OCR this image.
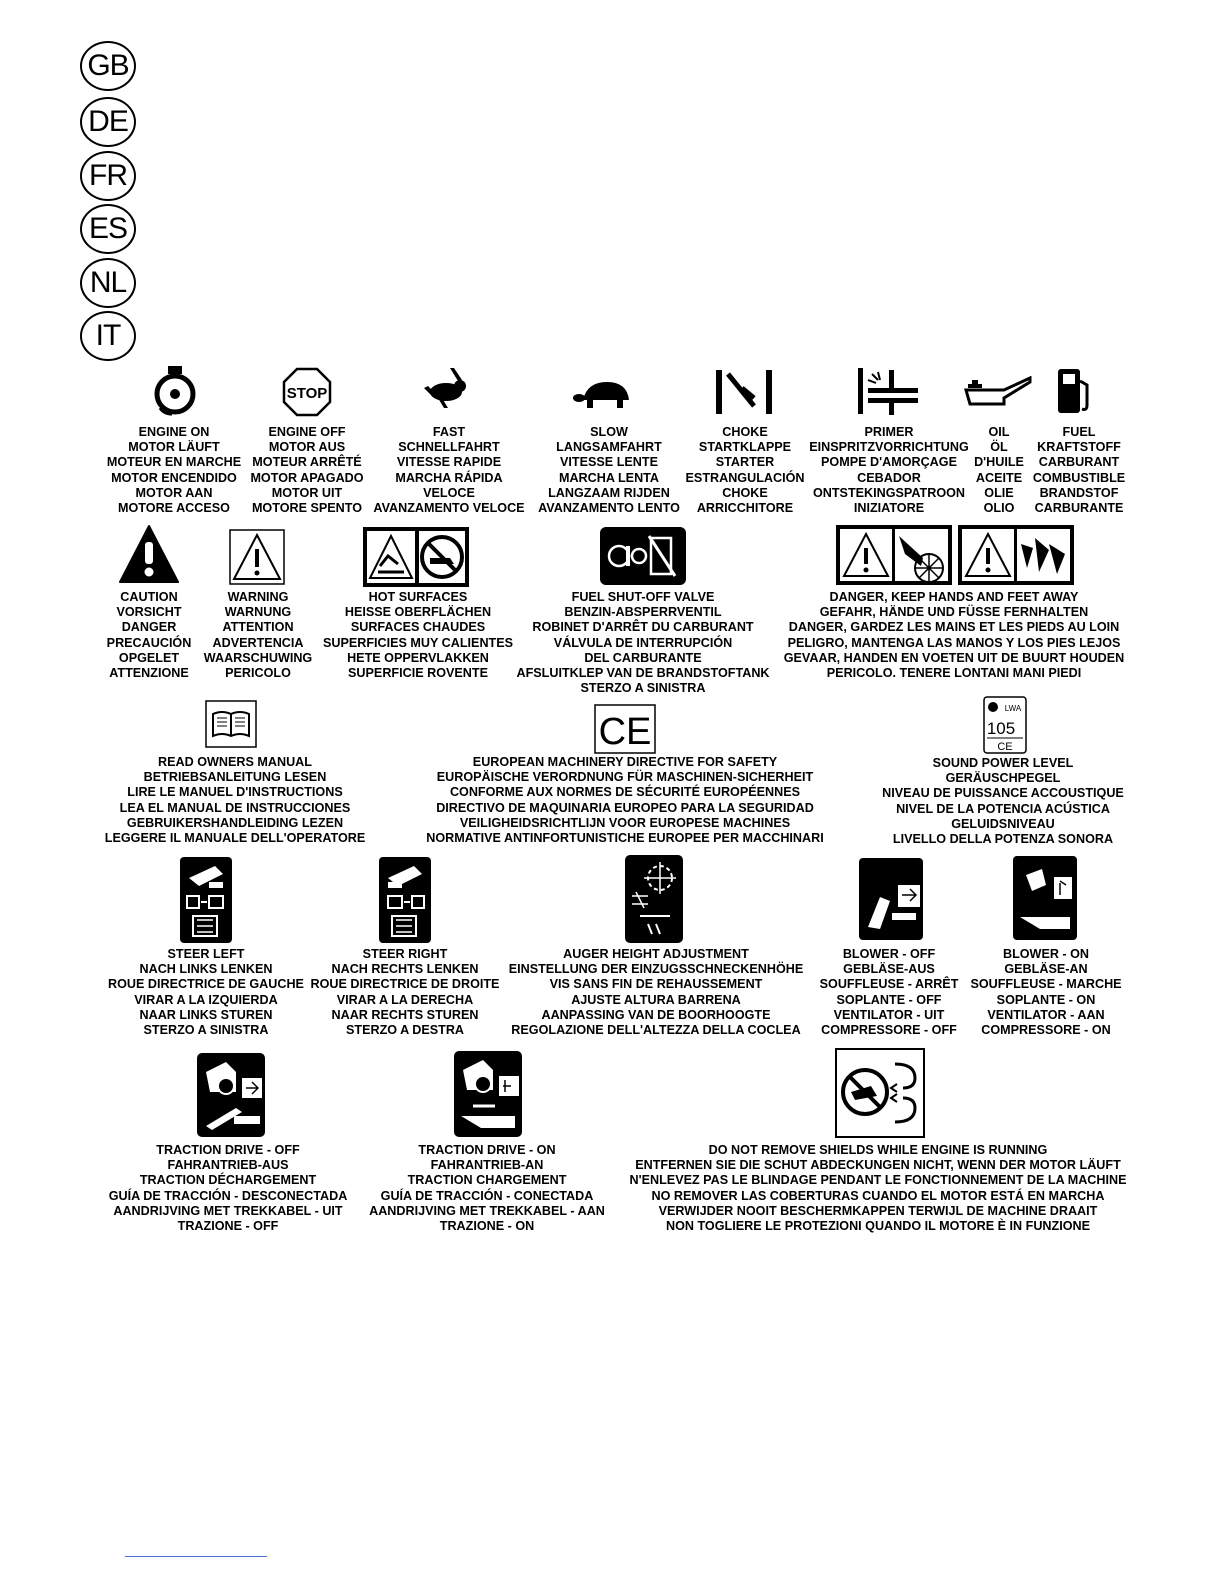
GB
DE
FR
ES
NL
IT
STOP
CE
LWA
105
CE
ENGINE ON
MOTOR LÄUFT
MOTEUR EN MARCHE
MOTOR ENCENDIDO
MOTOR AAN
MOTORE ACCESO
ENGINE OFF
MOTOR AUS
MOTEUR ARRÊTÉ
MOTOR APAGADO
MOTOR UIT
MOTORE SPENTO
FAST
SCHNELLFAHRT
VITESSE RAPIDE
MARCHA RÁPIDA
VELOCE
AVANZAMENTO VELOCE
SLOW
LANGSAMFAHRT
VITESSE LENTE
MARCHA LENTA
LANGZAAM RIJDEN
AVANZAMENTO LENTO
CHOKE
STARTKLAPPE
STARTER
ESTRANGULACIÓN
CHOKE
ARRICCHITORE
PRIMER
EINSPRITZVORRICHTUNG
POMPE D'AMORÇAGE
CEBADOR
ONTSTEKINGSPATROON
INIZIATORE
OIL
ÖL
D'HUILE
ACEITE
OLIE
OLIO
FUEL
KRAFTSTOFF
CARBURANT
COMBUSTIBLE
BRANDSTOF
CARBURANTE
CAUTION
VORSICHT
DANGER
PRECAUCIÓN
OPGELET
ATTENZIONE
WARNING
WARNUNG
ATTENTION
ADVERTENCIA
WAARSCHUWING
PERICOLO
HOT SURFACES
HEISSE OBERFLÄCHEN
SURFACES CHAUDES
SUPERFICIES MUY CALIENTES
HETE OPPERVLAKKEN
SUPERFICIE ROVENTE
FUEL SHUT-OFF VALVE
BENZIN-ABSPERRVENTIL
ROBINET D'ARRÊT DU CARBURANT
VÁLVULA DE INTERRUPCIÓN
DEL CARBURANTE
AFSLUITKLEP VAN DE BRANDSTOFTANK
STERZO A SINISTRA
DANGER, KEEP HANDS AND FEET AWAY
GEFAHR, HÄNDE UND FÜSSE FERNHALTEN
DANGER, GARDEZ LES MAINS ET LES PIEDS AU LOIN
PELIGRO, MANTENGA LAS MANOS Y LOS PIES LEJOS
GEVAAR, HANDEN EN VOETEN UIT DE BUURT HOUDEN
PERICOLO. TENERE LONTANI MANI PIEDI
READ OWNERS MANUAL
BETRIEBSANLEITUNG LESEN
LIRE LE MANUEL D'INSTRUCTIONS
LEA EL MANUAL DE INSTRUCCIONES
GEBRUIKERSHANDLEIDING LEZEN
LEGGERE IL MANUALE DELL'OPERATORE
EUROPEAN MACHINERY DIRECTIVE FOR SAFETY
EUROPÄISCHE VERORDNUNG FÜR MASCHINEN-SICHERHEIT
CONFORME AUX NORMES DE SÉCURITÉ EUROPÉENNES
DIRECTIVO DE MAQUINARIA EUROPEO PARA LA SEGURIDAD
VEILIGHEIDSRICHTLIJN VOOR EUROPESE MACHINES
NORMATIVE ANTINFORTUNISTICHE EUROPEE PER MACCHINARI
SOUND POWER LEVEL
GERÄUSCHPEGEL
NIVEAU DE PUISSANCE ACCOUSTIQUE
NIVEL DE LA POTENCIA ACÚSTICA
GELUIDSNIVEAU
LIVELLO DELLA POTENZA SONORA
STEER LEFT
NACH LINKS LENKEN
ROUE DIRECTRICE DE GAUCHE
VIRAR A LA IZQUIERDA
NAAR LINKS STUREN
STERZO A SINISTRA
STEER RIGHT
NACH RECHTS LENKEN
ROUE DIRECTRICE DE DROITE
VIRAR A LA DERECHA
NAAR RECHTS STUREN
STERZO A DESTRA
AUGER HEIGHT ADJUSTMENT
EINSTELLUNG DER EINZUGSSCHNECKENHÖHE
VIS SANS FIN DE REHAUSSEMENT
AJUSTE ALTURA BARRENA
AANPASSING VAN DE BOORHOOGTE
REGOLAZIONE DELL'ALTEZZA DELLA COCLEA
BLOWER - OFF
GEBLÄSE-AUS
SOUFFLEUSE - ARRÊT
SOPLANTE - OFF
VENTILATOR - UIT
COMPRESSORE - OFF
BLOWER - ON
GEBLÄSE-AN
SOUFFLEUSE - MARCHE
SOPLANTE - ON
VENTILATOR - AAN
COMPRESSORE - ON
TRACTION DRIVE - OFF
FAHRANTRIEB-AUS
TRACTION DÉCHARGEMENT
GUÍA DE TRACCIÓN - DESCONECTADA
AANDRIJVING MET TREKKABEL - UIT
TRAZIONE - OFF
TRACTION DRIVE - ON
FAHRANTRIEB-AN
TRACTION CHARGEMENT
GUÍA DE TRACCIÓN - CONECTADA
AANDRIJVING MET TREKKABEL - AAN
TRAZIONE - ON
DO NOT REMOVE SHIELDS WHILE ENGINE IS RUNNING
ENTFERNEN SIE DIE SCHUT ABDECKUNGEN NICHT, WENN DER MOTOR LÄUFT
N'ENLEVEZ PAS LE BLINDAGE PENDANT LE FONCTIONNEMENT DE LA MACHINE
NO REMOVER LAS COBERTURAS CUANDO EL MOTOR ESTÁ EN MARCHA
VERWIJDER NOOIT BESCHERMKAPPEN TERWIJL DE MACHINE DRAAIT
NON TOGLIERE LE PROTEZIONI QUANDO IL MOTORE È IN FUNZIONE
